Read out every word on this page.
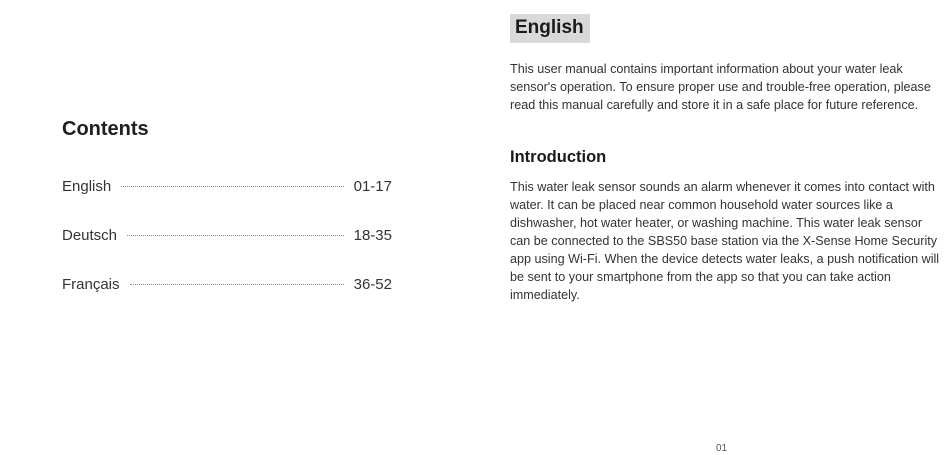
Contents
English	01-17
Deutsch	18-35
Français	36-52
English

This user manual contains important information about your water leak sensor's operation. To ensure proper use and trouble-free operation, please read this manual carefully and store it in a safe place for future reference.

Introduction

This water leak sensor sounds an alarm whenever it comes into contact with water. It can be placed near common household water sources like a dishwasher, hot water heater, or washing machine. This water leak sensor can be connected to the SBS50 base station via the X-Sense Home Security app using Wi-Fi. When the device detects water leaks, a push notification will be sent to your smartphone from the app so that you can take action immediately.

01
